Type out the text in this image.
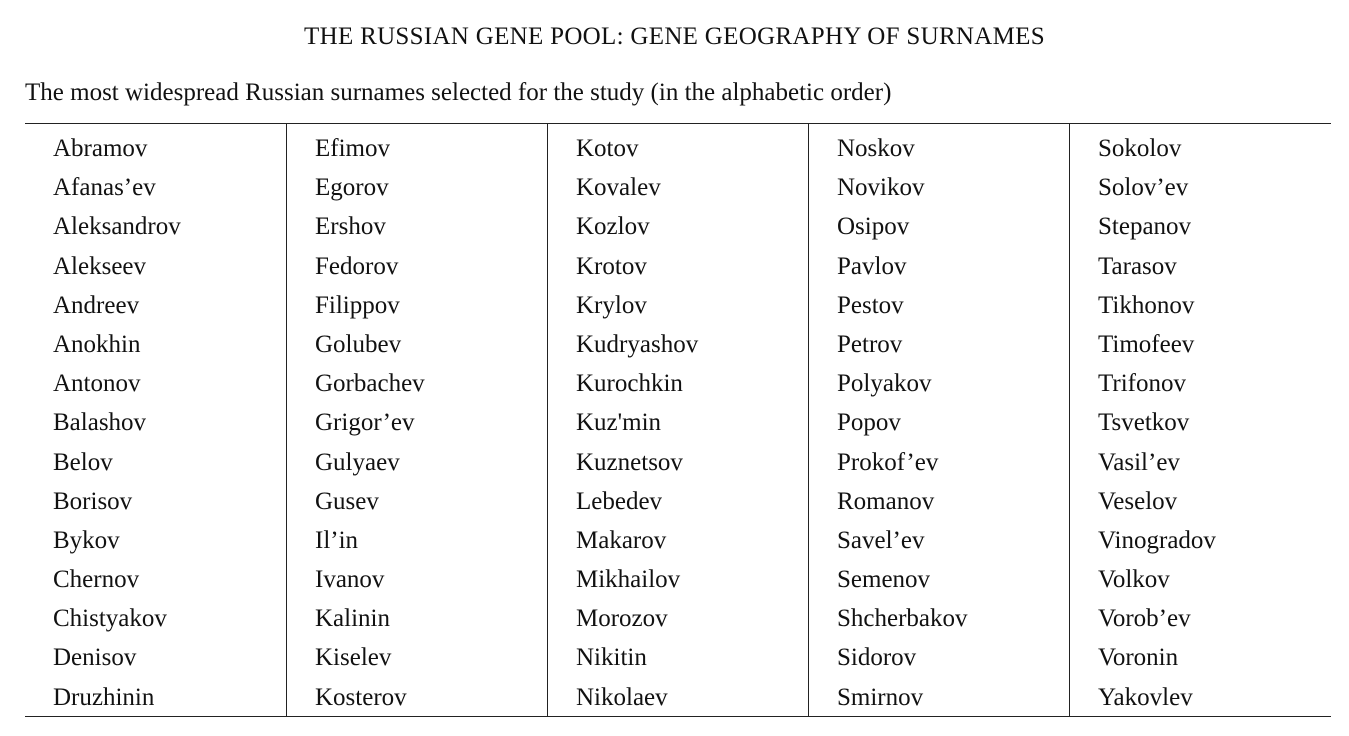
THE RUSSIAN GENE POOL: GENE GEOGRAPHY OF SURNAMES
The most widespread Russian surnames selected for the study (in the alphabetic order)
Abramov
Afanas’ev
Aleksandrov
Alekseev
Andreev
Anokhin
Antonov
Balashov
Belov
Borisov
Bykov
Chernov
Chistyakov
Denisov
Druzhinin
Efimov
Egorov
Ershov
Fedorov
Filippov
Golubev
Gorbachev
Grigor’ev
Gulyaev
Gusev
Il’in
Ivanov
Kalinin
Kiselev
Kosterov
Kotov
Kovalev
Kozlov
Krotov
Krylov
Kudryashov
Kurochkin
Kuz'min
Kuznetsov
Lebedev
Makarov
Mikhailov
Morozov
Nikitin
Nikolaev
Noskov
Novikov
Osipov
Pavlov
Pestov
Petrov
Polyakov
Popov
Prokof’ev
Romanov
Savel’ev
Semenov
Shcherbakov
Sidorov
Smirnov
Sokolov
Solov’ev
Stepanov
Tarasov
Tikhonov
Timofeev
Trifonov
Tsvetkov
Vasil’ev
Veselov
Vinogradov
Volkov
Vorob’ev
Voronin
Yakovlev
